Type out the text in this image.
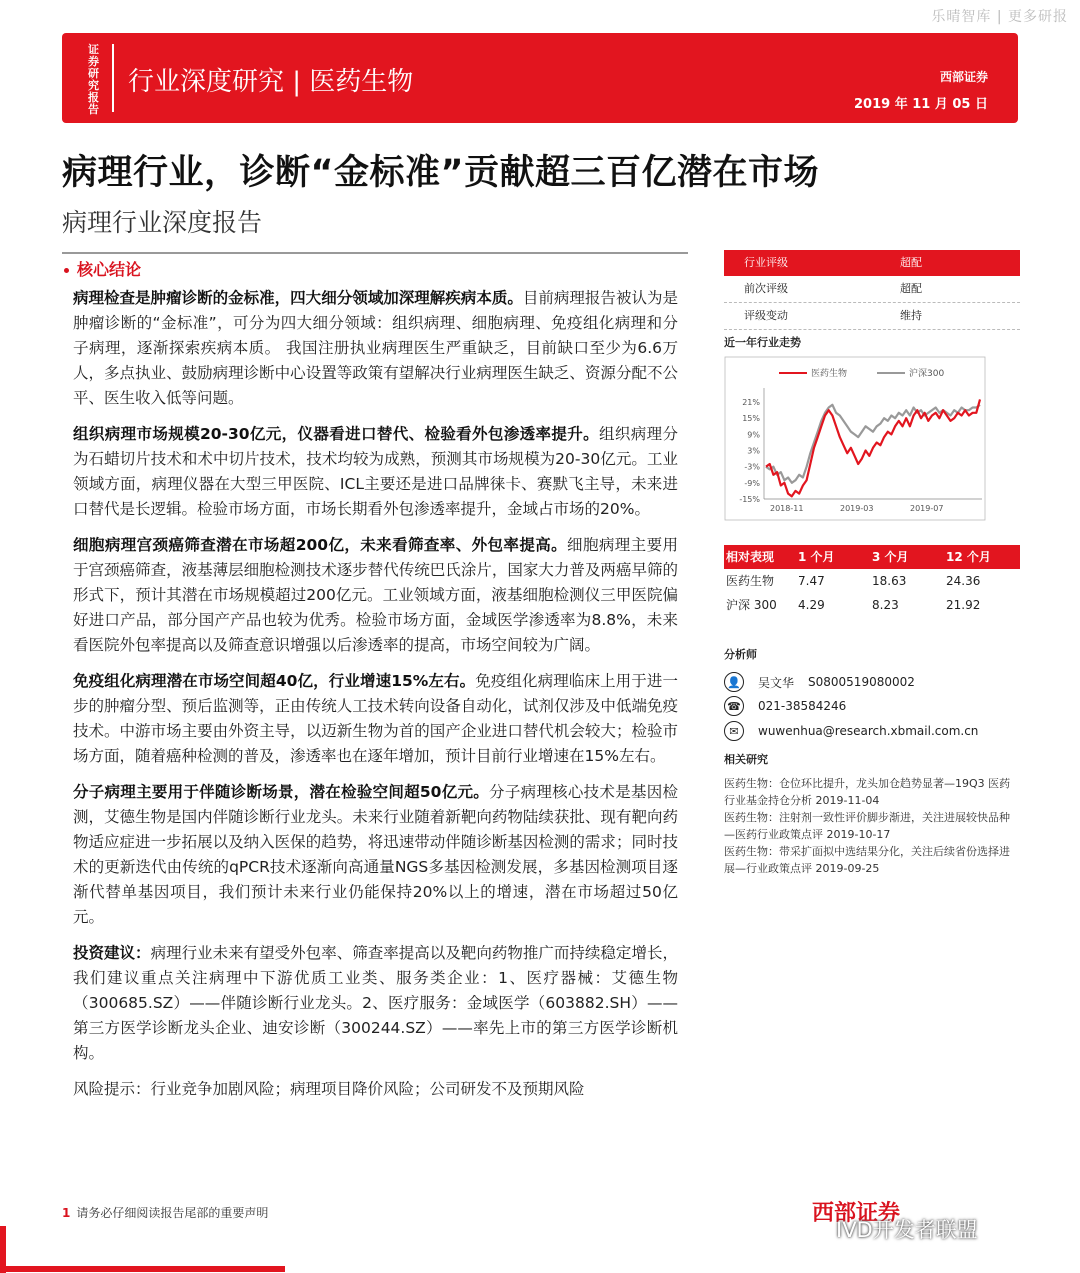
乐晴智库 | 更多研报
证券研究报告
行业深度研究 | 医药生物	西部证券
2019 年 11 月 05 日
病理行业，诊断“金标准”贡献超三百亿潜在市场
病理行业深度报告
核心结论

病理检查是肿瘤诊断的金标准，四大细分领域加深理解疾病本质。目前病理报告被认为是肿瘤诊断的“金标准”，可分为四大细分领域：组织病理、细胞病理、免疫组化病理和分子病理，逐渐探索疾病本质。 我国注册执业病理医生严重缺乏，目前缺口至少为6.6万人，多点执业、鼓励病理诊断中心设置等政策有望解决行业病理医生缺乏、资源分配不公平、医生收入低等问题。

组织病理市场规模20-30亿元，仪器看进口替代、检验看外包渗透率提升。组织病理分为石蜡切片技术和术中切片技术，技术均较为成熟，预测其市场规模为20-30亿元。工业领域方面，病理仪器在大型三甲医院、ICL主要还是进口品牌徕卡、赛默飞主导，未来进口替代是长逻辑。检验市场方面，市场长期看外包渗透率提升，金域占市场的20%。

细胞病理宫颈癌筛查潜在市场超200亿，未来看筛查率、外包率提高。细胞病理主要用于宫颈癌筛查，液基薄层细胞检测技术逐步替代传统巴氏涂片，国家大力普及两癌早筛的形式下，预计其潜在市场规模超过200亿元。工业领域方面，液基细胞检测仪三甲医院偏好进口产品，部分国产产品也较为优秀。检验市场方面，金域医学渗透率为8.8%，未来看医院外包率提高以及筛查意识增强以后渗透率的提高，市场空间较为广阔。

免疫组化病理潜在市场空间超40亿，行业增速15%左右。免疫组化病理临床上用于进一步的肿瘤分型、预后监测等，正由传统人工技术转向设备自动化，试剂仅涉及中低端免疫技术。中游市场主要由外资主导，以迈新生物为首的国产企业进口替代机会较大；检验市场方面，随着癌种检测的普及，渗透率也在逐年增加，预计目前行业增速在15%左右。

分子病理主要用于伴随诊断场景，潜在检验空间超50亿元。分子病理核心技术是基因检测，艾德生物是国内伴随诊断行业龙头。未来行业随着新靶向药物陆续获批、现有靶向药物适应症进一步拓展以及纳入医保的趋势，将迅速带动伴随诊断基因检测的需求；同时技术的更新迭代由传统的qPCR技术逐渐向高通量NGS多基因检测发展，多基因检测项目逐渐代替单基因项目，我们预计未来行业仍能保持20%以上的增速，潜在市场超过50亿元。

投资建议：病理行业未来有望受外包率、筛查率提高以及靶向药物推广而持续稳定增长，我们建议重点关注病理中下游优质工业类、服务类企业：1、医疗器械：艾德生物（300685.SZ）——伴随诊断行业龙头。2、医疗服务：金域医学（603882.SH）——第三方医学诊断龙头企业、迪安诊断（300244.SZ）——率先上市的第三方医学诊断机构。

风险提示：行业竞争加剧风险；病理项目降价风险；公司研发不及预期风险

行业评级	超配
前次评级	超配
评级变动	维持
近一年行业走势
医药生物	沪深300
21%
15%
9%
3%
-3%
-9%
-15%
2018-11	2019-03	2019-07
相对表现	1 个月	3 个月	12 个月
医药生物	7.47	18.63	24.36
沪深 300	4.29	8.23	21.92
分析师
👤 吴文华 S0800519080002
☎ 021-38584246
✉	wuwenhua@research.xbmail.com.cn
相关研究
医药生物：仓位环比提升，龙头加仓趋势显著—19Q3 医药行业基金持仓分析 2019-11-04
医药生物：注射剂一致性评价脚步渐进，关注进展较快品种—医药行业政策点评 2019-10-17
医药生物：带采扩面拟中选结果分化，关注后续省份选择进展—行业政策点评 2019-09-25
1 请务必仔细阅读报告尾部的重要声明	西部证券
IVD开发者联盟
